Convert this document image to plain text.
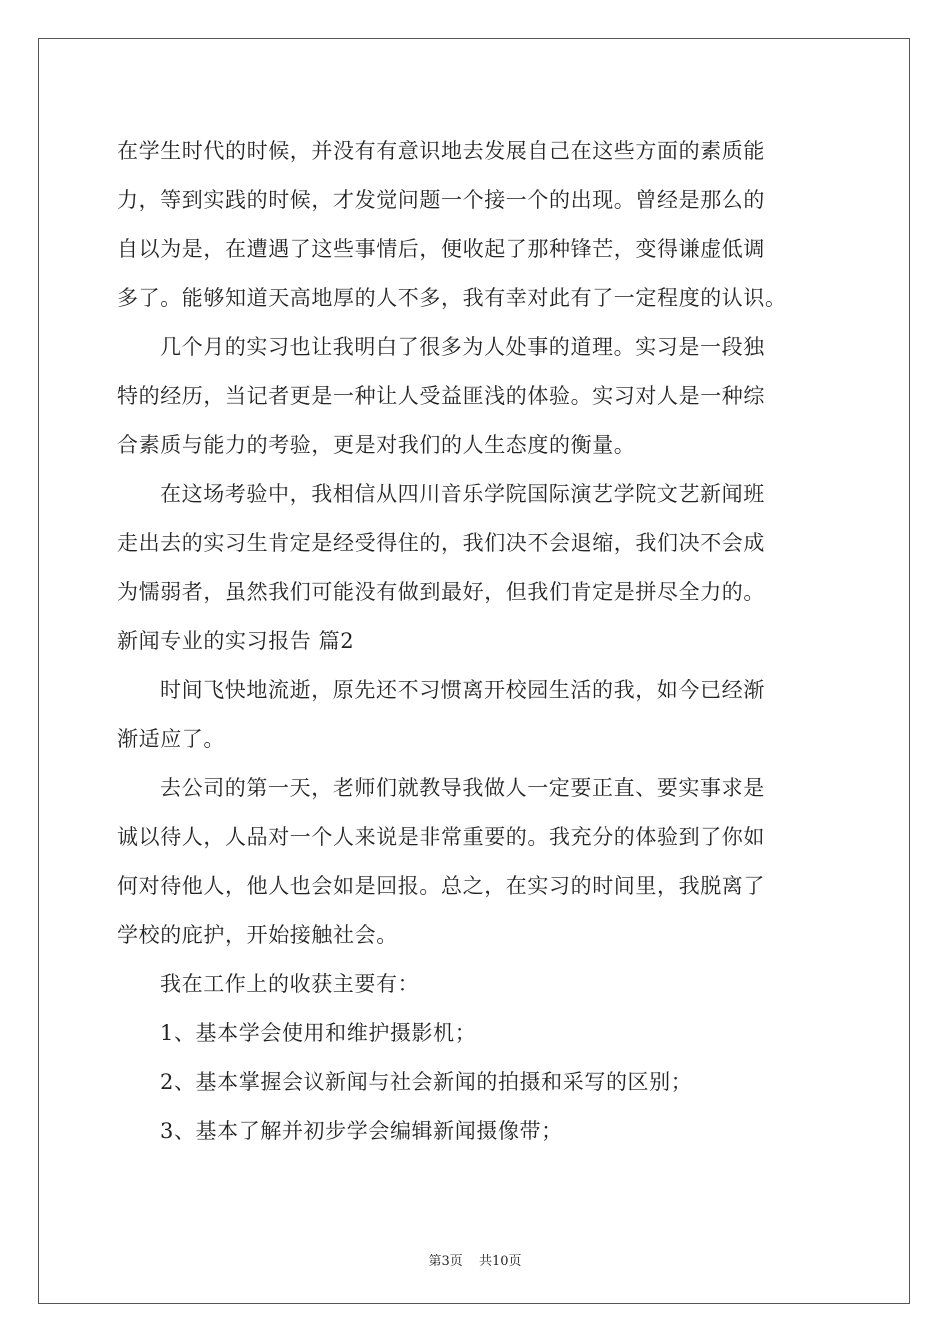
在学生时代的时候，并没有有意识地去发展自己在这些方面的素质能
力，等到实践的时候，才发觉问题一个接一个的出现。曾经是那么的
自以为是，在遭遇了这些事情后，便收起了那种锋芒，变得谦虚低调
多了。能够知道天高地厚的人不多，我有幸对此有了一定程度的认识。
几个月的实习也让我明白了很多为人处事的道理。实习是一段独
特的经历，当记者更是一种让人受益匪浅的体验。实习对人是一种综
合素质与能力的考验，更是对我们的人生态度的衡量。
在这场考验中，我相信从四川音乐学院国际演艺学院文艺新闻班
走出去的实习生肯定是经受得住的，我们决不会退缩，我们决不会成
为懦弱者，虽然我们可能没有做到最好，但我们肯定是拼尽全力的。
新闻专业的实习报告 篇2
时间飞快地流逝，原先还不习惯离开校园生活的我，如今已经渐
渐适应了。
去公司的第一天，老师们就教导我做人一定要正直、要实事求是
诚以待人，人品对一个人来说是非常重要的。我充分的体验到了你如
何对待他人，他人也会如是回报。总之，在实习的时间里，我脱离了
学校的庇护，开始接触社会。
我在工作上的收获主要有：
1、基本学会使用和维护摄影机；
2、基本掌握会议新闻与社会新闻的拍摄和采写的区别；
3、基本了解并初步学会编辑新闻摄像带；
第3页 共10页
